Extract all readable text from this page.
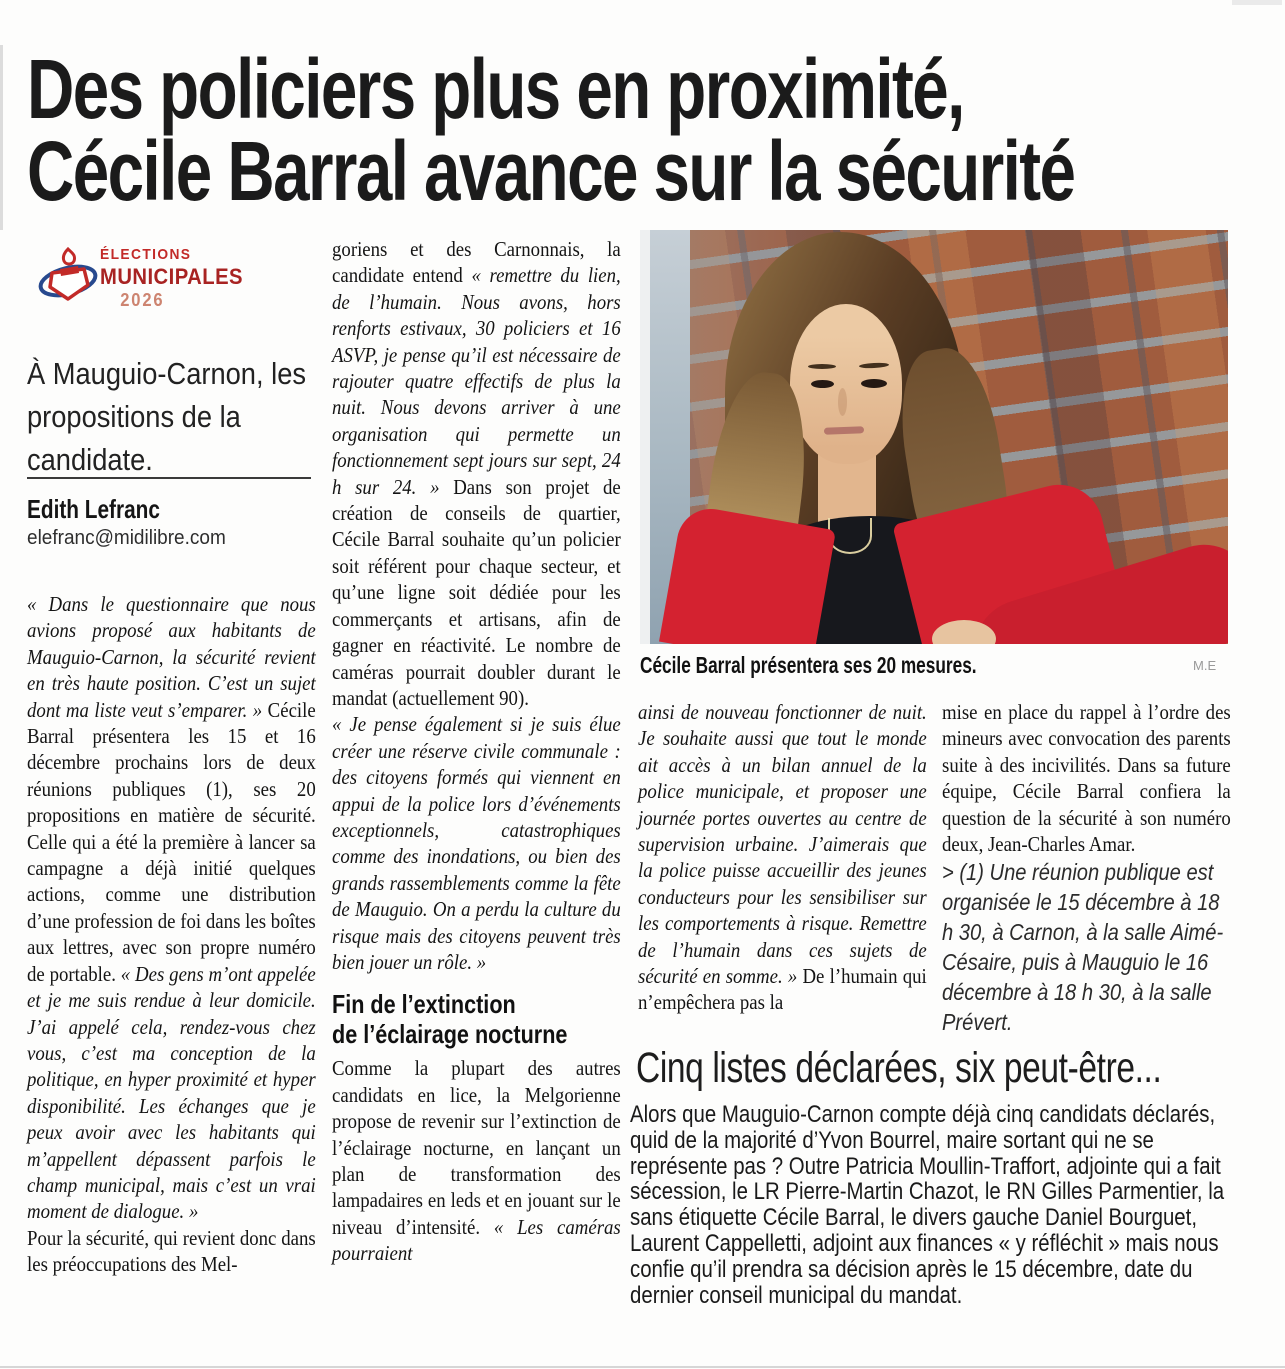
Des policiers plus en proximité,
Cécile Barral avance sur la sécurité
ÉLECTIONS
MUNICIPALES
2026
À Mauguio-Carnon, les propositions de la candidate.
Edith Lefranc
elefranc@midilibre.com

« Dans le questionnaire que nous avions proposé aux habitants de Mauguio-Carnon, la sécurité revient en très haute position. C’est un sujet dont ma liste veut s’emparer. » Cécile Barral présentera les 15 et 16 décembre prochains lors de deux réunions publiques (1), ses 20 propositions en matière de sécurité. Celle qui a été la première à lancer sa campagne a déjà initié quelques actions, comme une distribution d’une profession de foi dans les boîtes aux lettres, avec son propre numéro de portable. « Des gens m’ont appelée et je me suis rendue à leur domicile. J’ai appelé cela, rendez-vous chez vous, c’est ma conception de la politique, en hyper proximité et hyper disponibilité. Les échanges que je peux avoir avec les habitants qui m’appellent dépassent parfois le champ municipal, mais c’est un vrai moment de dialogue. »

Pour la sécurité, qui revient donc dans les préoccupations des Mel-

goriens et des Carnonnais, la candidate entend « remettre du lien, de l’humain. Nous avons, hors renforts estivaux, 30 policiers et 16 ASVP, je pense qu’il est nécessaire de rajouter quatre effectifs de plus la nuit. Nous devons arriver à une organisation qui permette un fonctionnement sept jours sur sept, 24 h sur 24. » Dans son projet de création de conseils de quartier, Cécile Barral souhaite qu’un policier soit référent pour chaque secteur, et qu’une ligne soit dédiée pour les commerçants et artisans, afin de gagner en réactivité. Le nombre de caméras pourrait doubler durant le mandat (actuellement 90).

« Je pense également si je suis élue créer une réserve civile communale : des citoyens formés qui viennent en appui de la police lors d’événements exceptionnels, catastrophiques comme des inondations, ou bien des grands rassemblements comme la fête de Mauguio. On a perdu la culture du risque mais des citoyens peuvent très bien jouer un rôle. »

Fin de l’extinction
de l’éclairage nocturne

Comme la plupart des autres candidats en lice, la Melgorienne propose de revenir sur l’extinction de l’éclairage nocturne, en lançant un plan de transformation des lampadaires en leds et en jouant sur le niveau d’intensité. « Les caméras pourraient

Cécile Barral présentera ses 20 mesures.	M.E

ainsi de nouveau fonctionner de nuit. Je souhaite aussi que tout le monde ait accès à un bilan annuel de la police municipale, et proposer une journée portes ouvertes au centre de supervision urbaine. J’aimerais que la police puisse accueillir des jeunes conducteurs pour les sensibiliser sur les comportements à risque. Remettre de l’humain dans ces sujets de sécurité en somme. » De l’humain qui n’empêchera pas la

mise en place du rappel à l’ordre des mineurs avec convocation des parents suite à des incivilités. Dans sa future équipe, Cécile Barral confiera la question de la sécurité à son numéro deux, Jean-Charles Amar.

> (1) Une réunion publique est organisée le 15 décembre à 18 h 30, à Carnon, à la salle Aimé-Césaire, puis à Mauguio le 16 décembre à 18 h 30, à la salle Prévert.

Cinq listes déclarées, six peut-être...
Alors que Mauguio-Carnon compte déjà cinq candidats déclarés, quid de la majorité d’Yvon Bourrel, maire sortant qui ne se représente pas ? Outre Patricia Moullin-Traffort, adjointe qui a fait sécession, le LR Pierre-Martin Chazot, le RN Gilles Parmentier, la sans étiquette Cécile Barral, le divers gauche Daniel Bourguet, Laurent Cappelletti, adjoint aux finances « y réfléchit » mais nous confie qu’il prendra sa décision après le 15 décembre, date du dernier conseil municipal du mandat.
